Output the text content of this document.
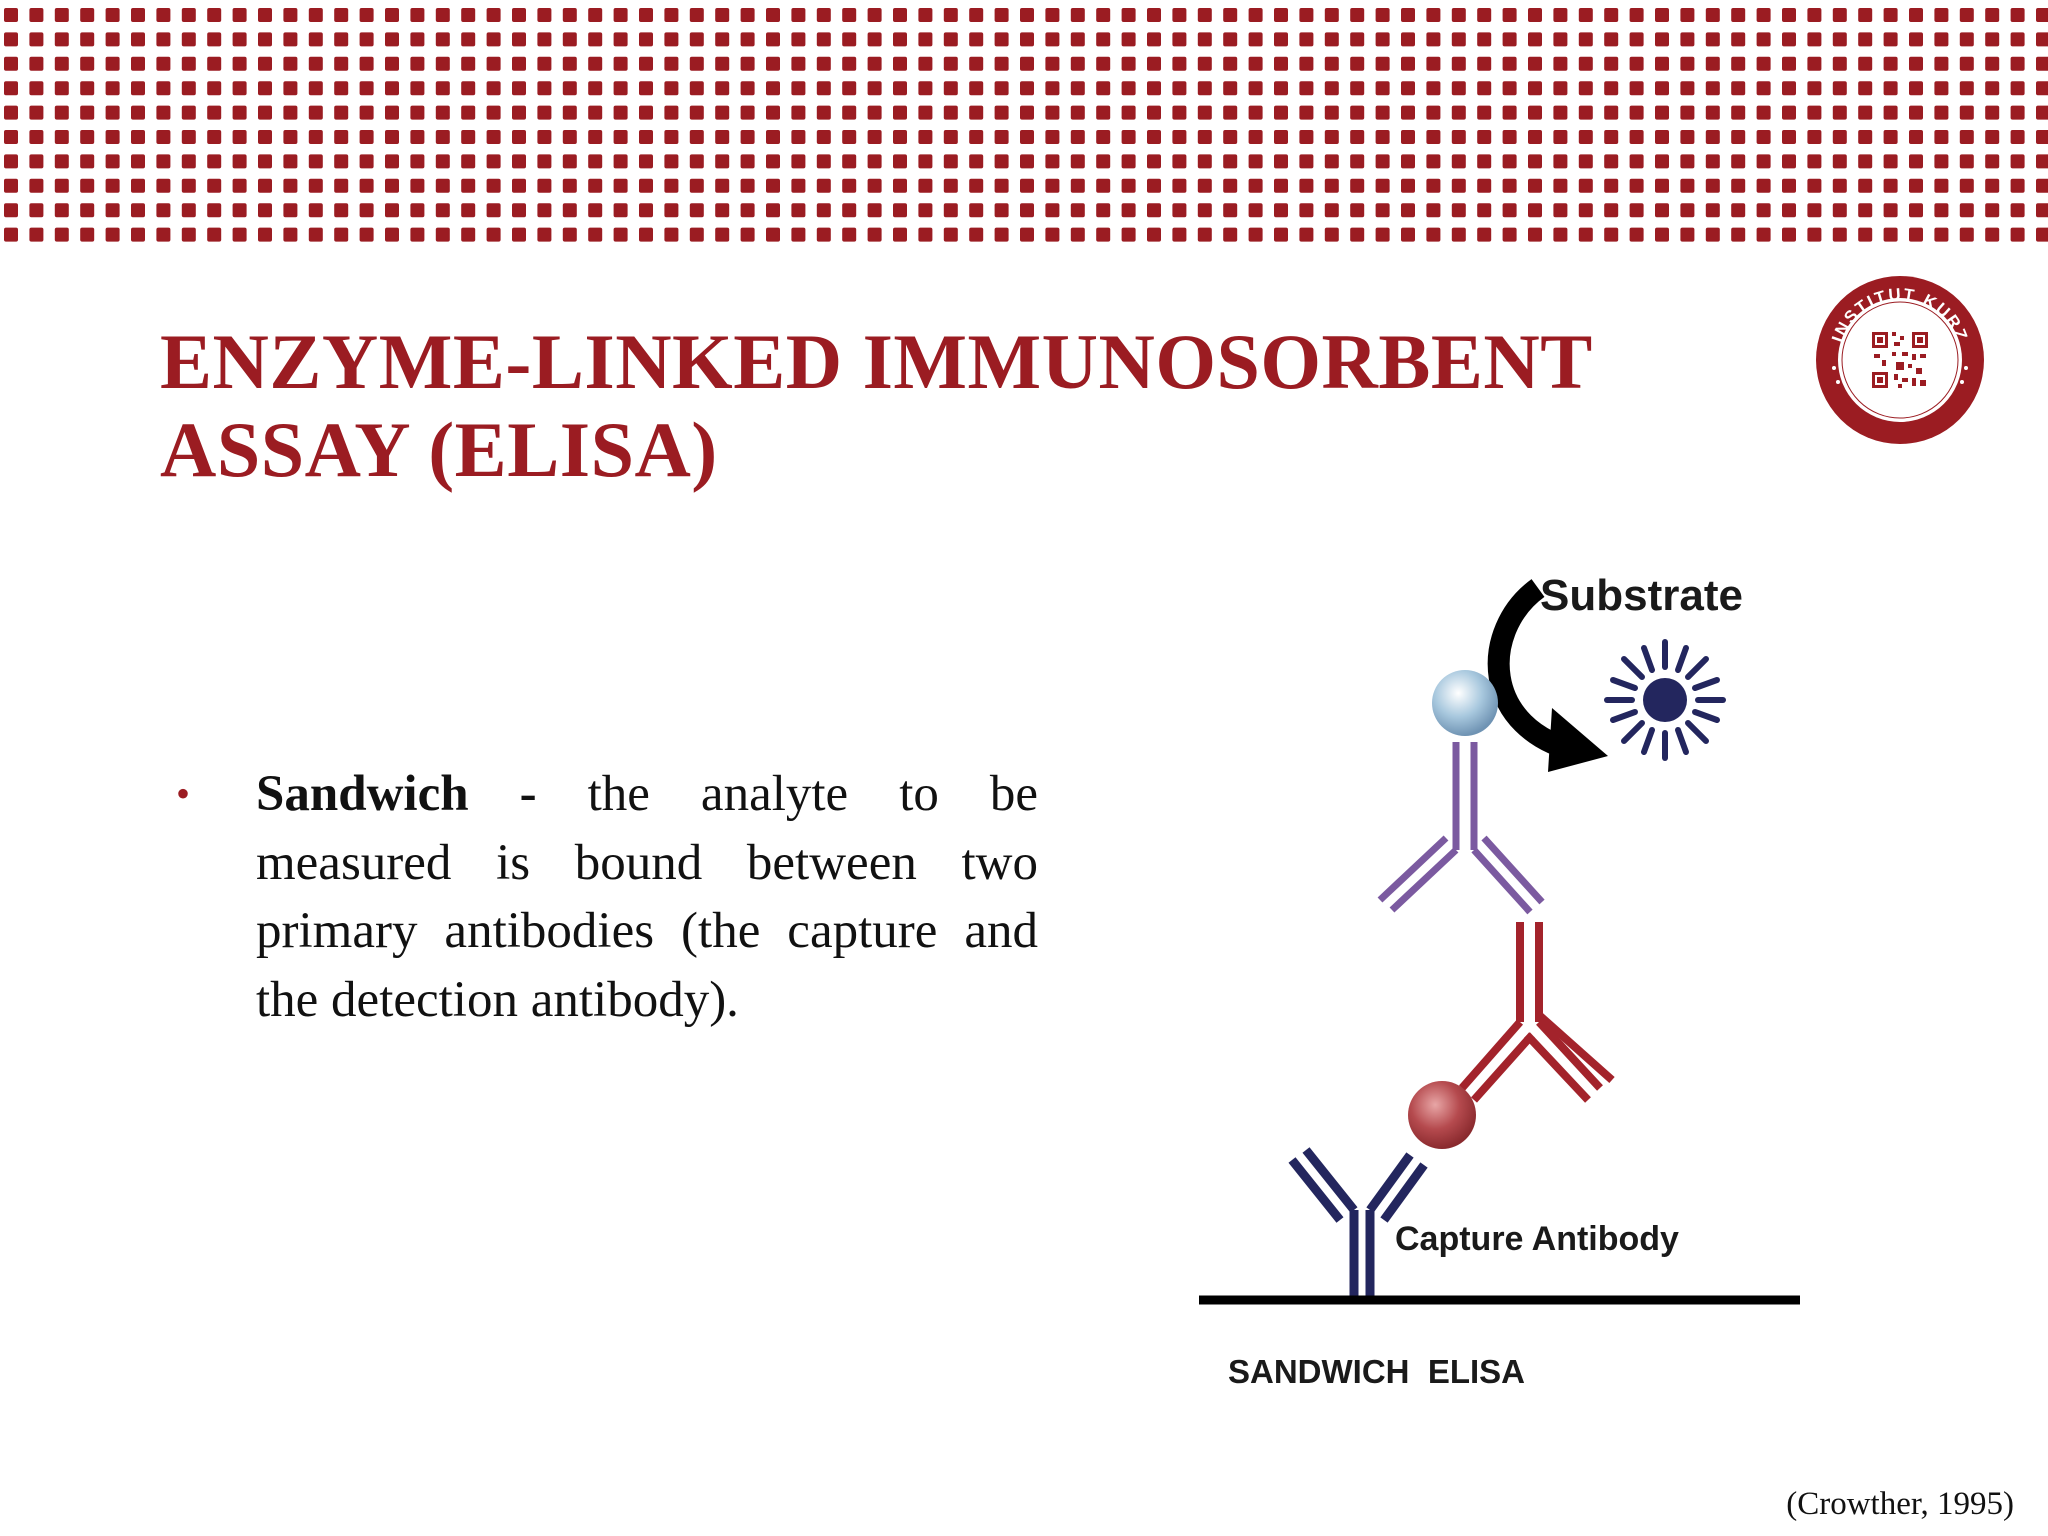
ENZYME-LINKED IMMUNOSORBENT
ASSAY (ELISA)
INSTITUT KURZ
Kontrollierte Qualität
• Sandwich - the analyte to be measured is bound between two primary antibodies (the capture and the detection antibody).
Substrate
Capture Antibody
SANDWICH  ELISA
(Crowther, 1995)
